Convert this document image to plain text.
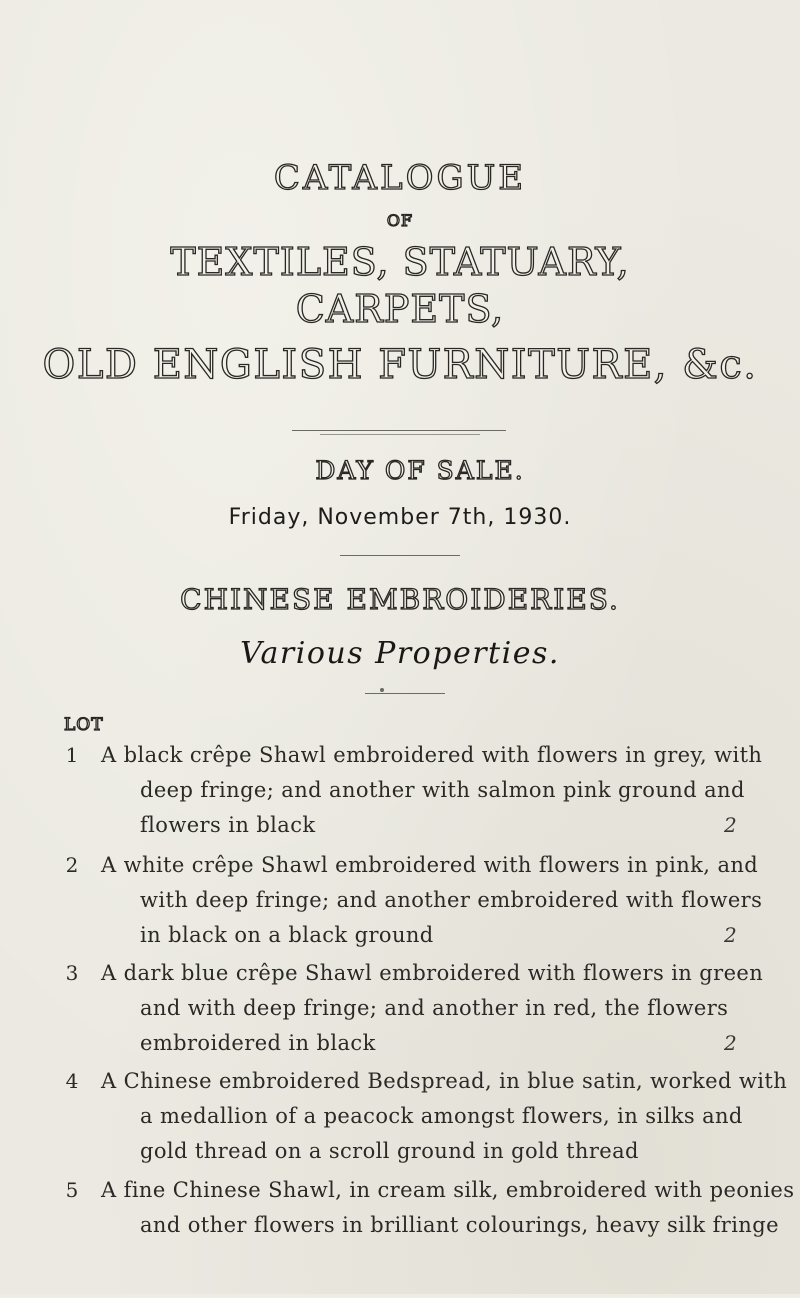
CATALOGUE
OF
TEXTILES, STATUARY,
CARPETS,
OLD ENGLISH FURNITURE, &c.
DAY OF SALE.
Friday, November 7th, 1930.
CHINESE EMBROIDERIES.
Various Properties.
LOT
1 A black crêpe Shawl embroidered with flowers in grey, with
deep fringe; and another with salmon pink ground and
flowers in black	2
2 A white crêpe Shawl embroidered with flowers in pink, and
with deep fringe; and another embroidered with flowers
in black on a black ground	2
3 A dark blue crêpe Shawl embroidered with flowers in green
and with deep fringe; and another in red, the flowers
embroidered in black	2
4 A Chinese embroidered Bedspread, in blue satin, worked with
a medallion of a peacock amongst flowers, in silks and
gold thread on a scroll ground in gold thread
5 A fine Chinese Shawl, in cream silk, embroidered with peonies
and other flowers in brilliant colourings, heavy silk fringe
